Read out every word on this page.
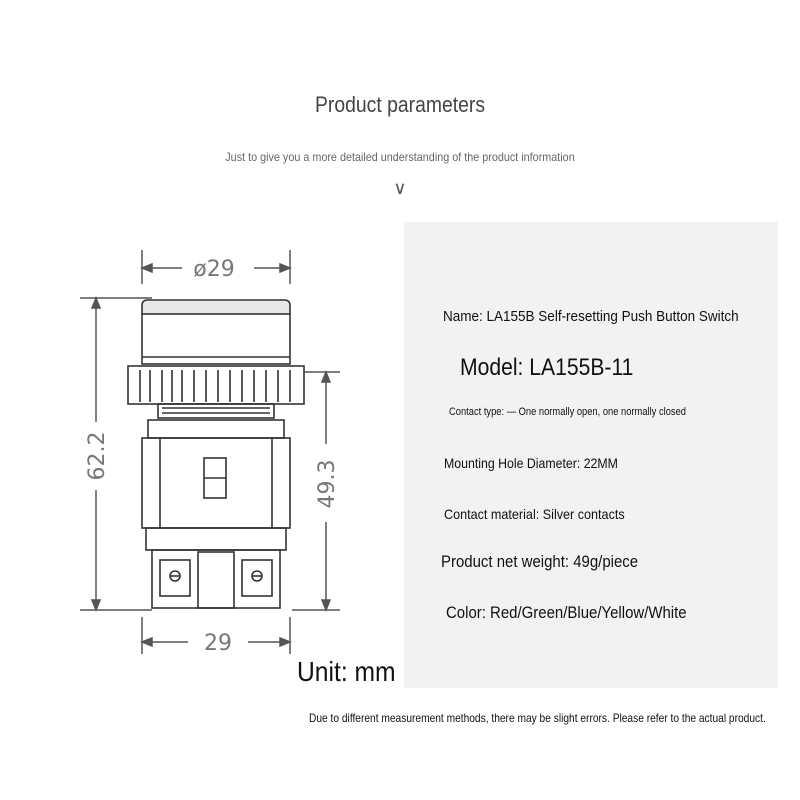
Product parameters
Just to give you a more detailed understanding of the product information
∨
ø29
62.2
49.3
29
Name: LA155B Self-resetting Push Button Switch
Model: LA155B-11
Contact type: — One normally open, one normally closed
Mounting Hole Diameter: 22MM
Contact material: Silver contacts
Product net weight: 49g/piece
Color: Red/Green/Blue/Yellow/White
Unit: mm
Due to different measurement methods, there may be slight errors. Please refer to the actual product.
